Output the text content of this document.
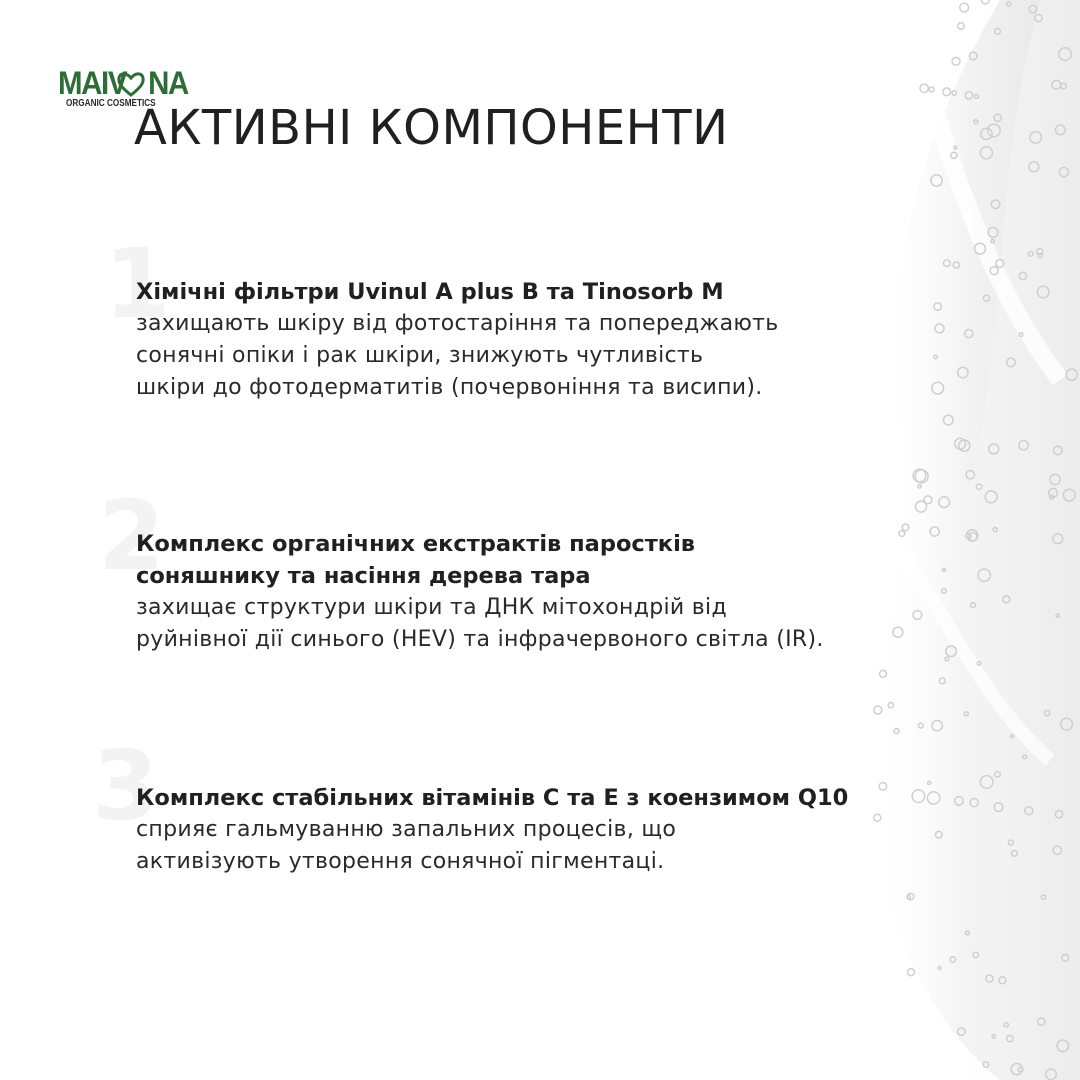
MAIV NA
ORGANIC COSMETICS
АКТИВНІ КОМПОНЕНТИ
1

Хімічні фільтри Uvinul A plus B та Tinosorb M

захищають шкіру від фотостаріння та попереджають
сонячні опіки і рак шкіри, знижують чутливість
шкіри до фотодерматитів (почервоніння та висипи).

2

Комплекс органічних екстрактів паростків
соняшнику та насіння дерева тара

захищає структури шкіри та ДНК мітохондрій від
руйнівної дії синього (HEV) та інфрачервоного світла (IR).

3

Комплекс стабільних вітамінів C та E з коензимом Q10

сприяє гальмуванню запальних процесів, що
активізують утворення сонячної пігментаці.
